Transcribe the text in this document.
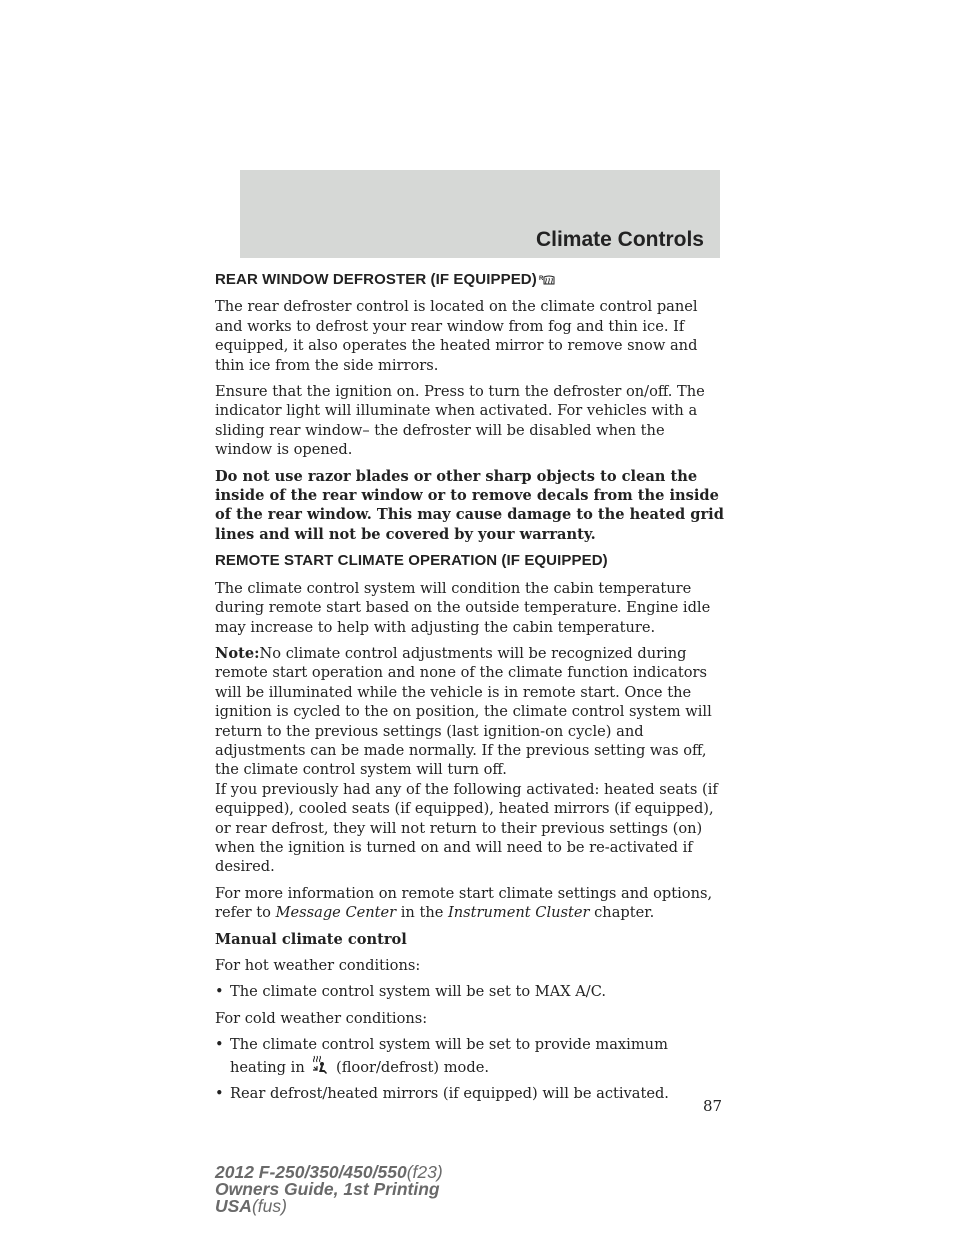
Climate Controls
REAR WINDOW DEFROSTER (IF EQUIPPED) R

The rear defroster control is located on the climate control panel and works to defrost your rear window from fog and thin ice. If equipped, it also operates the heated mirror to remove snow and thin ice from the side mirrors.

Ensure that the ignition on. Press to turn the defroster on/off. The indicator light will illuminate when activated. For vehicles with a sliding rear window– the defroster will be disabled when the window is opened.

Do not use razor blades or other sharp objects to clean the inside of the rear window or to remove decals from the inside of the rear window. This may cause damage to the heated grid lines and will not be covered by your warranty.

REMOTE START CLIMATE OPERATION (IF EQUIPPED)

The climate control system will condition the cabin temperature during remote start based on the outside temperature. Engine idle may increase to help with adjusting the cabin temperature.

Note:No climate control adjustments will be recognized during remote start operation and none of the climate function indicators will be illuminated while the vehicle is in remote start. Once the ignition is cycled to the on position, the climate control system will return to the previous settings (last ignition-on cycle) and adjustments can be made normally. If the previous setting was off, the climate control system will turn off.

If you previously had any of the following activated: heated seats (if equipped), cooled seats (if equipped), heated mirrors (if equipped), or rear defrost, they will not return to their previous settings (on) when the ignition is turned on and will need to be re-activated if desired.

For more information on remote start climate settings and options, refer to Message Center in the Instrument Cluster chapter.

Manual climate control

For hot weather conditions:

• The climate control system will be set to MAX A/C.

For cold weather conditions:

• The climate control system will be set to provide maximum heating in (floor/defrost) mode.
• Rear defrost/heated mirrors (if equipped) will be activated.
87
2012 F-250/350/450/550(f23)
Owners Guide, 1st Printing
USA(fus)
